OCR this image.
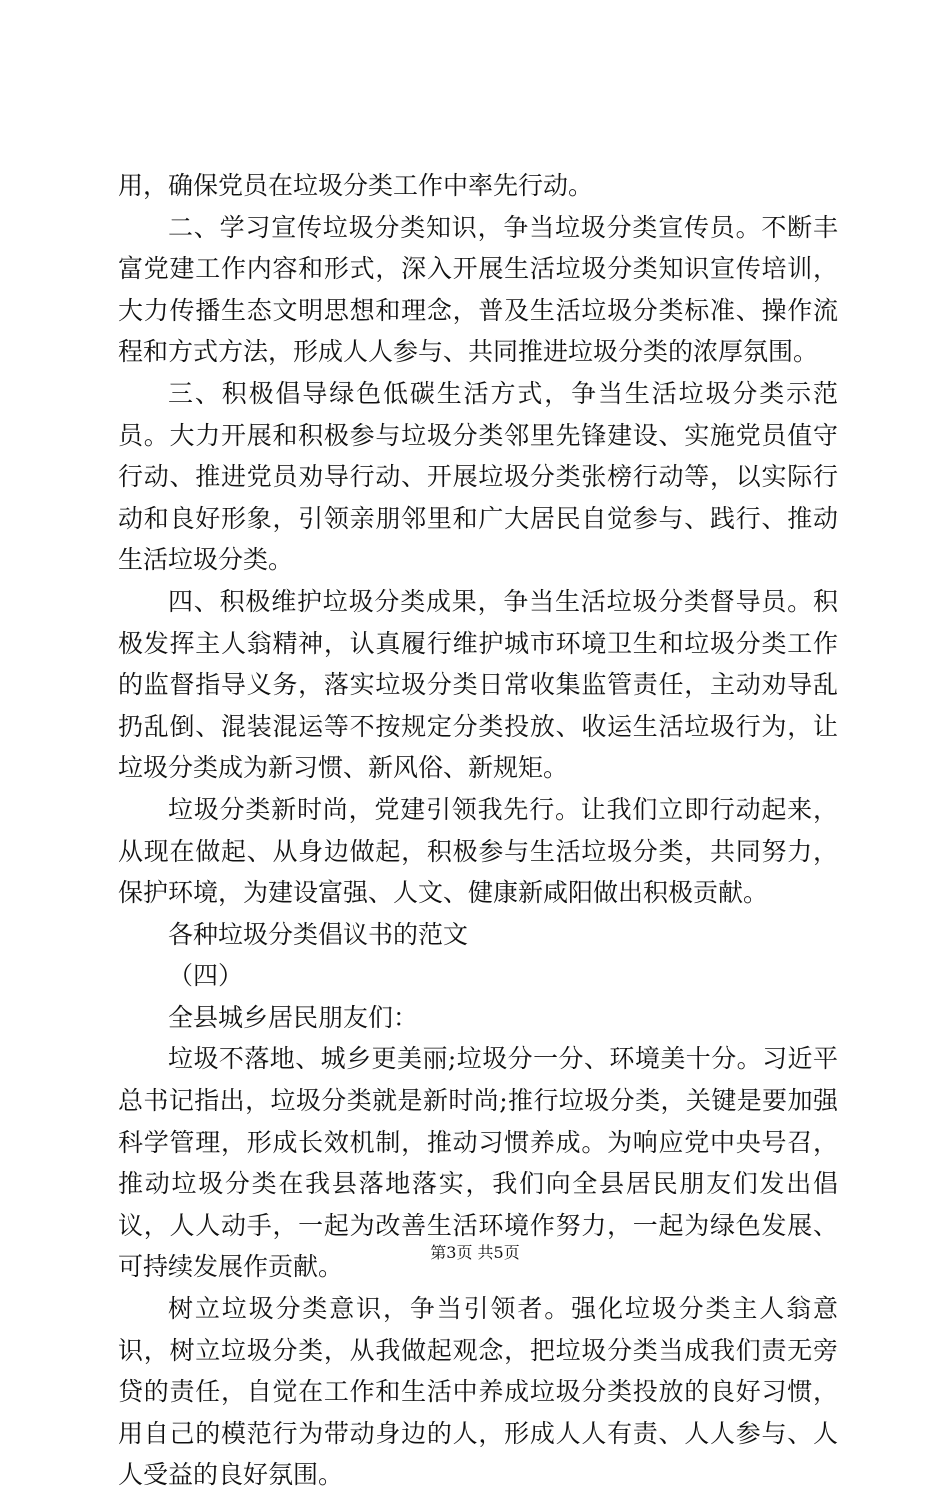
用，确保党员在垃圾分类工作中率先行动。

二、学习宣传垃圾分类知识，争当垃圾分类宣传员。不断丰富党建工作内容和形式，深入开展生活垃圾分类知识宣传培训，大力传播生态文明思想和理念，普及生活垃圾分类标准、操作流程和方式方法，形成人人参与、共同推进垃圾分类的浓厚氛围。

三、积极倡导绿色低碳生活方式，争当生活垃圾分类示范员。大力开展和积极参与垃圾分类邻里先锋建设、实施党员值守行动、推进党员劝导行动、开展垃圾分类张榜行动等，以实际行动和良好形象，引领亲朋邻里和广大居民自觉参与、践行、推动生活垃圾分类。

四、积极维护垃圾分类成果，争当生活垃圾分类督导员。积极发挥主人翁精神，认真履行维护城市环境卫生和垃圾分类工作的监督指导义务，落实垃圾分类日常收集监管责任，主动劝导乱扔乱倒、混装混运等不按规定分类投放、收运生活垃圾行为，让垃圾分类成为新习惯、新风俗、新规矩。

垃圾分类新时尚，党建引领我先行。让我们立即行动起来，从现在做起、从身边做起，积极参与生活垃圾分类，共同努力，保护环境，为建设富强、人文、健康新咸阳做出积极贡献。

各种垃圾分类倡议书的范文

（四）

全县城乡居民朋友们：

垃圾不落地、城乡更美丽;垃圾分一分、环境美十分。习近平总书记指出，垃圾分类就是新时尚;推行垃圾分类，关键是要加强科学管理，形成长效机制，推动习惯养成。为响应党中央号召，推动垃圾分类在我县落地落实，我们向全县居民朋友们发出倡议，人人动手，一起为改善生活环境作努力，一起为绿色发展、可持续发展作贡献。

树立垃圾分类意识，争当引领者。强化垃圾分类主人翁意识，树立垃圾分类，从我做起观念，把垃圾分类当成我们责无旁贷的责任，自觉在工作和生活中养成垃圾分类投放的良好习惯，用自己的模范行为带动身边的人，形成人人有责、人人参与、人人受益的良好氛围。

第3页 共5页
